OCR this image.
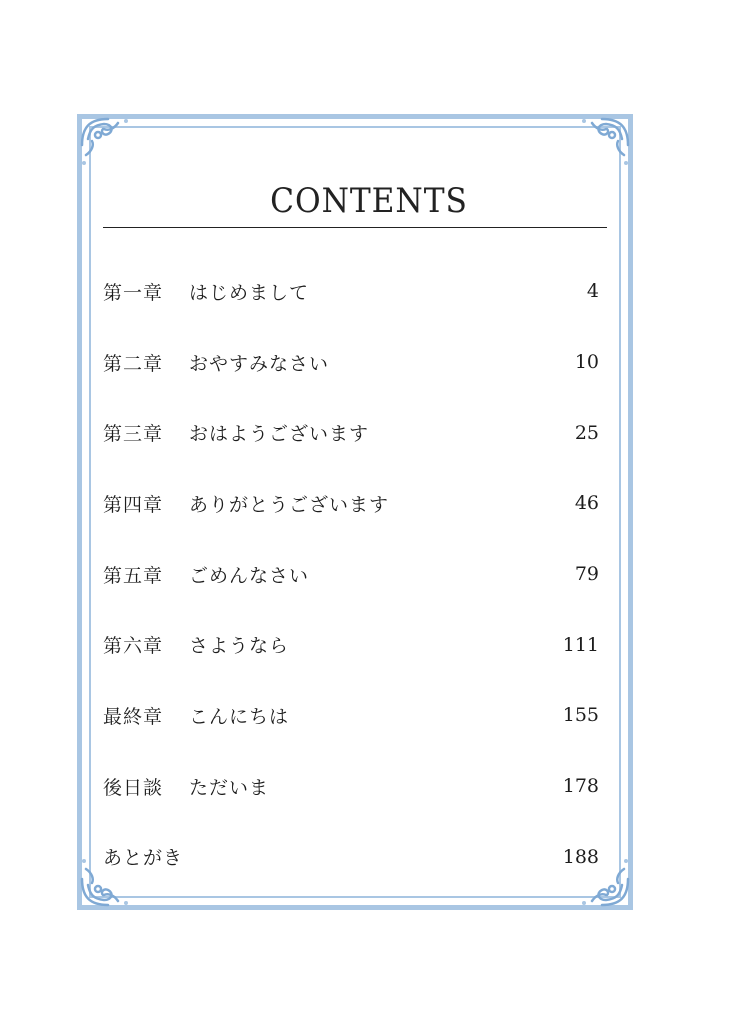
CONTENTS
第一章	はじめまして	4
第二章	おやすみなさい	10
第三章	おはようございます	25
第四章	ありがとうございます	46
第五章	ごめんなさい	79
第六章	さようなら	111
最終章	こんにちは	155
後日談	ただいま	178
あとがき	188
